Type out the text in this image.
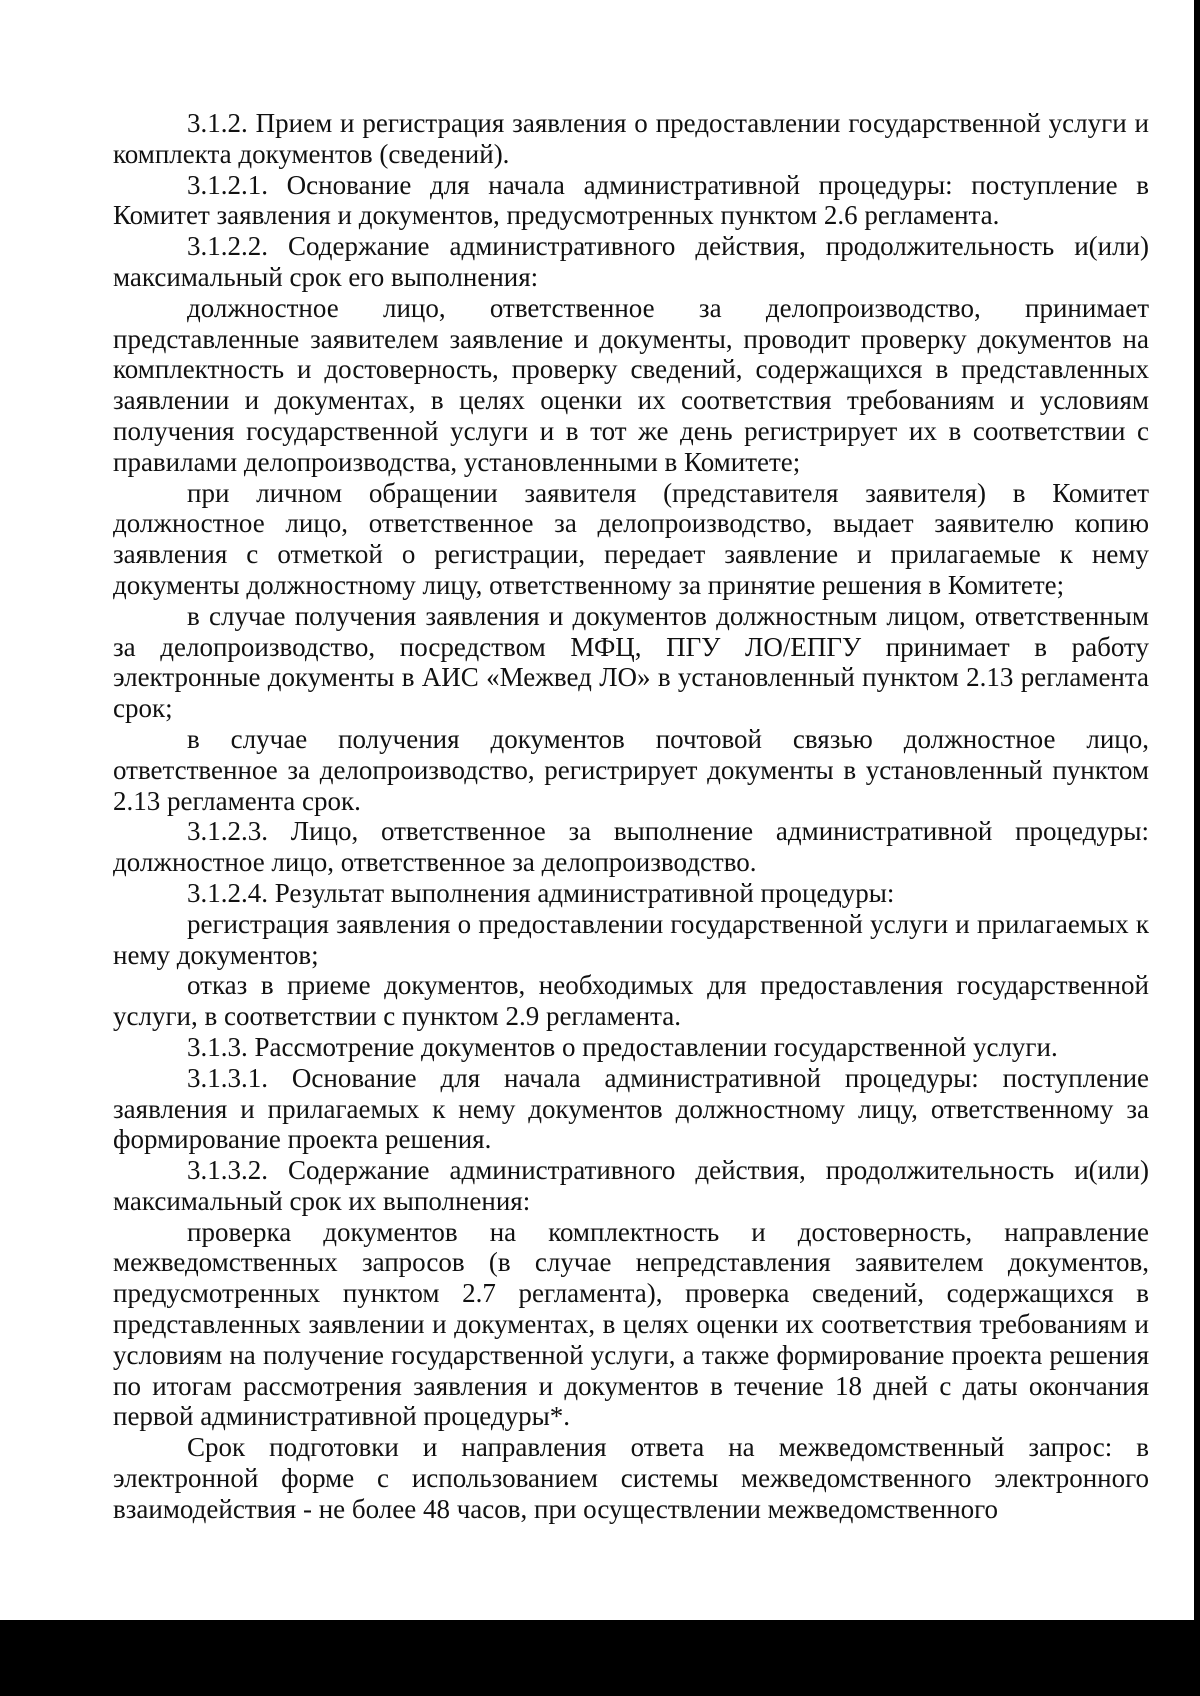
3.1.2. Прием и регистрация заявления о предоставлении государственной услуги и комплекта документов (сведений).

3.1.2.1. Основание для начала административной процедуры: поступление в Комитет заявления и документов, предусмотренных пунктом 2.6 регламента.

3.1.2.2. Содержание административного действия, продолжительность и(или) максимальный срок его выполнения:

должностное лицо, ответственное за делопроизводство, принимает представленные заявителем заявление и документы, проводит проверку документов на комплектность и достоверность, проверку сведений, содержащихся в представленных заявлении и документах, в целях оценки их соответствия требованиям и условиям получения государственной услуги и в тот же день регистрирует их в соответствии с правилами делопроизводства, установленными в Комитете;

при личном обращении заявителя (представителя заявителя) в Комитет должностное лицо, ответственное за делопроизводство, выдает заявителю копию заявления с отметкой о регистрации, передает заявление и прилагаемые к нему документы должностному лицу, ответственному за принятие решения в Комитете;

в случае получения заявления и документов должностным лицом, ответственным за делопроизводство, посредством МФЦ, ПГУ ЛО/ЕПГУ принимает в работу электронные документы в АИС «Межвед ЛО» в установленный пунктом 2.13 регламента срок;

в случае получения документов почтовой связью должностное лицо, ответственное за делопроизводство, регистрирует документы в установленный пунктом 2.13 регламента срок.

3.1.2.3. Лицо, ответственное за выполнение административной процедуры: должностное лицо, ответственное за делопроизводство.

3.1.2.4. Результат выполнения административной процедуры:

регистрация заявления о предоставлении государственной услуги и прилагаемых к нему документов;

отказ в приеме документов, необходимых для предоставления государственной услуги, в соответствии с пунктом 2.9 регламента.

3.1.3. Рассмотрение документов о предоставлении государственной услуги.

3.1.3.1. Основание для начала административной процедуры: поступление заявления и прилагаемых к нему документов должностному лицу, ответственному за формирование проекта решения.

3.1.3.2. Содержание административного действия, продолжительность и(или) максимальный срок их выполнения:

проверка документов на комплектность и достоверность, направление межведомственных запросов (в случае непредставления заявителем документов, предусмотренных пунктом 2.7 регламента), проверка сведений, содержащихся в представленных заявлении и документах, в целях оценки их соответствия требованиям и условиям на получение государственной услуги, а также формирование проекта решения по итогам рассмотрения заявления и документов в течение 18 дней с даты окончания первой административной процедуры*.

Срок подготовки и направления ответа на межведомственный запрос: в электронной форме с использованием системы межведомственного электронного взаимодействия - не более 48 часов, при осуществлении межведомственного
